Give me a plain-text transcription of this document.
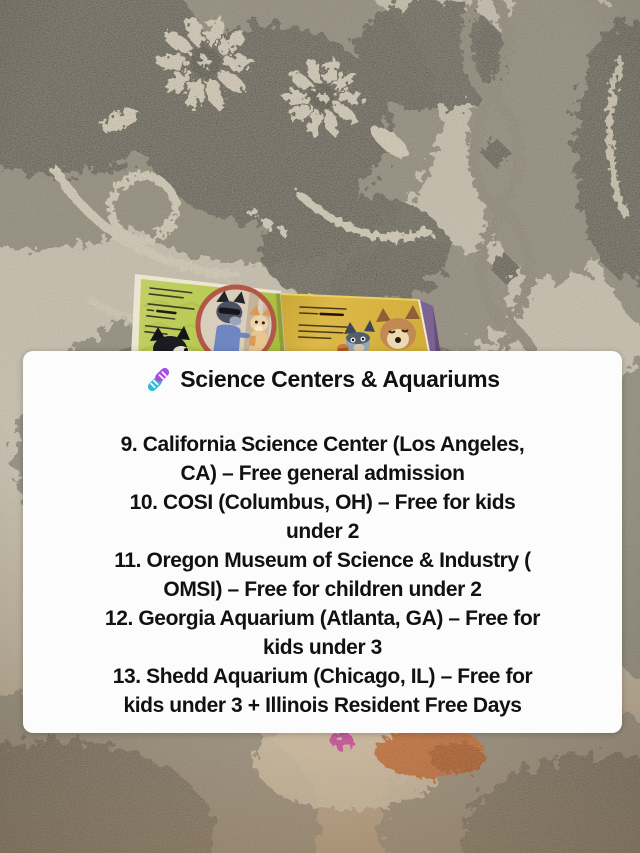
Science Centers & Aquariums
9. California Science Center (Los Angeles,
CA) – Free general admission
10. COSI (Columbus, OH) – Free for kids
under 2
11. Oregon Museum of Science & Industry (
OMSI) – Free for children under 2
12. Georgia Aquarium (Atlanta, GA) – Free for
kids under 3
13. Shedd Aquarium (Chicago, IL) – Free for
kids under 3 + Illinois Resident Free Days
